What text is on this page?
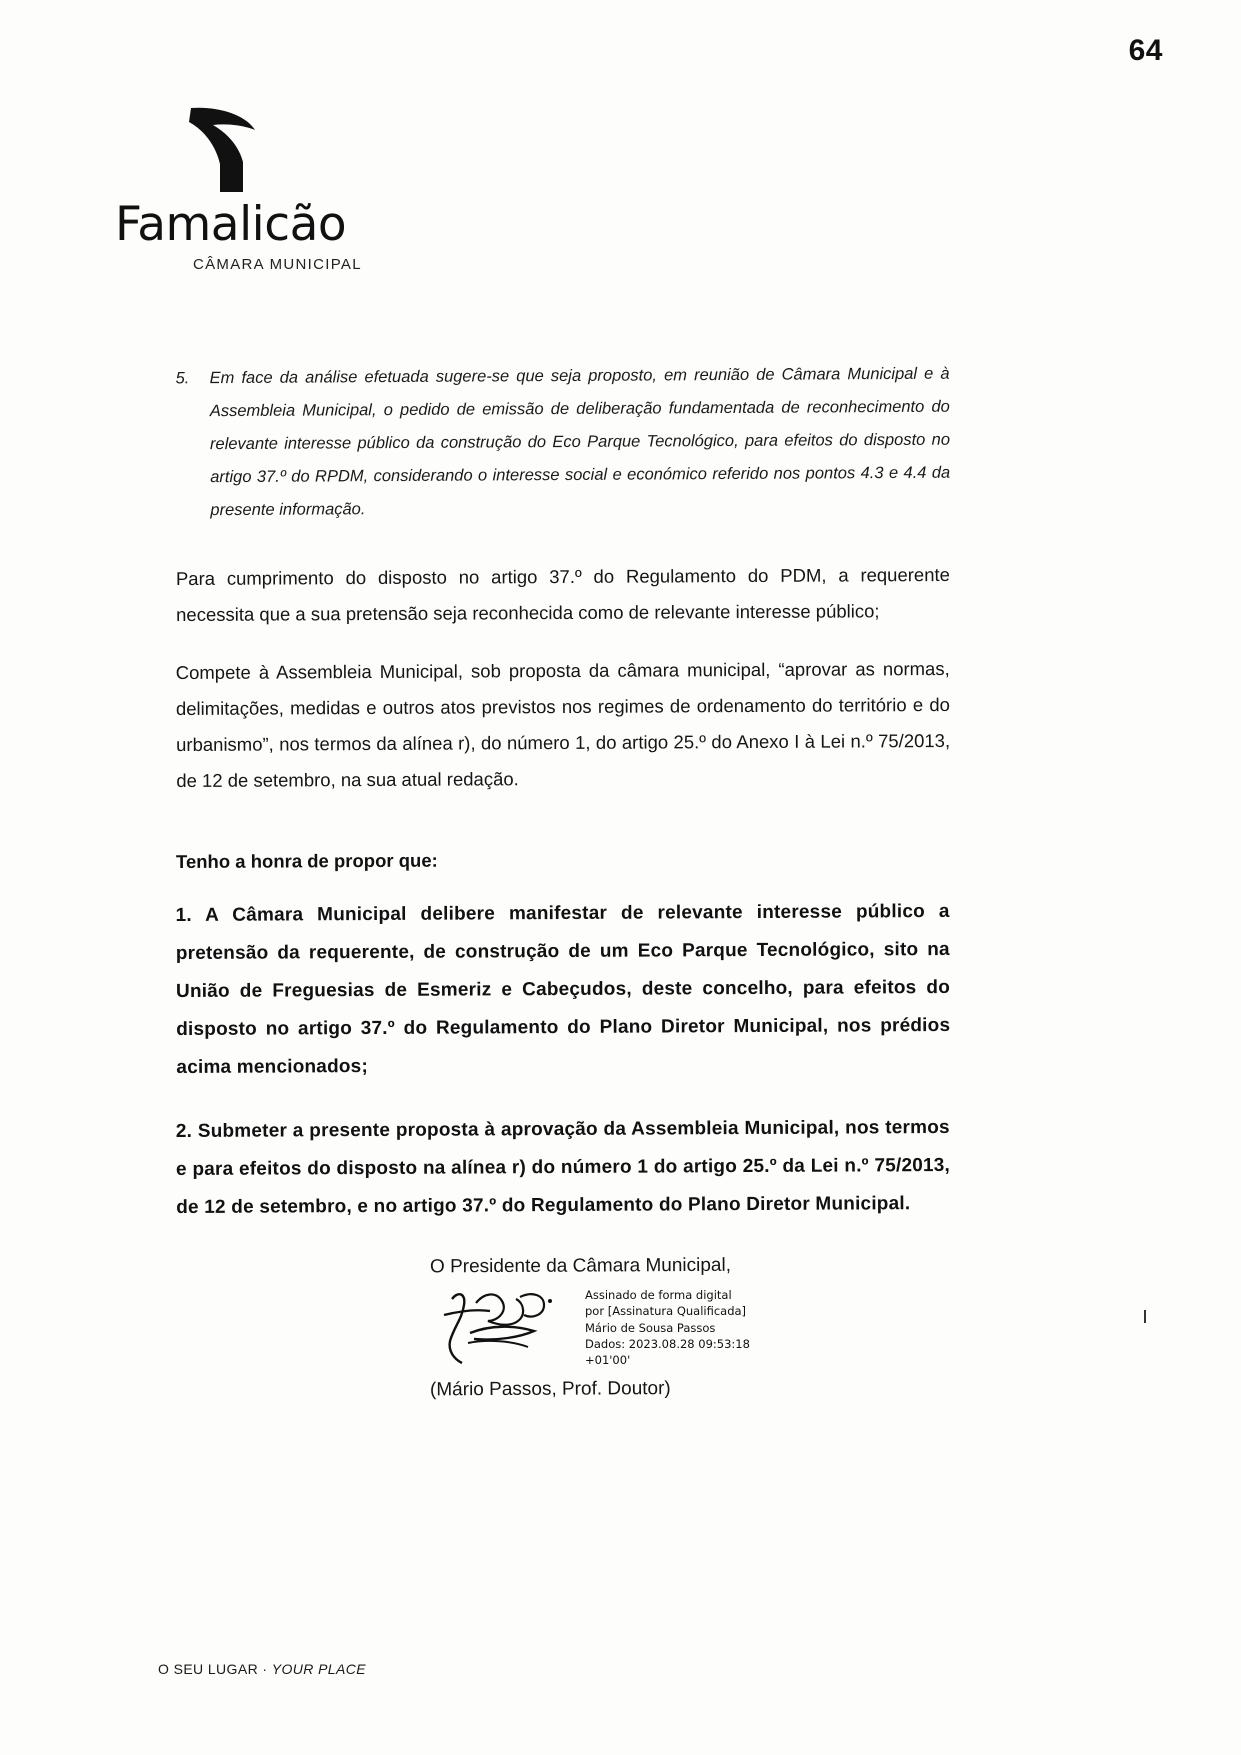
64
Famalicão
CÂMARA MUNICIPAL
5.	Em face da análise efetuada sugere-se que seja proposto, em reunião de Câmara Municipal e à Assembleia Municipal, o pedido de emissão de deliberação fundamentada de reconhecimento do relevante interesse público da construção do Eco Parque Tecnológico, para efeitos do disposto no artigo 37.º do RPDM, considerando o interesse social e económico referido nos pontos 4.3 e 4.4 da presente informação.

Para cumprimento do disposto no artigo 37.º do Regulamento do PDM, a requerente necessita que a sua pretensão seja reconhecida como de relevante interesse público;

Compete à Assembleia Municipal, sob proposta da câmara municipal, “aprovar as normas, delimitações, medidas e outros atos previstos nos regimes de ordenamento do território e do urbanismo”, nos termos da alínea r), do número 1, do artigo 25.º do Anexo I à Lei n.º 75/2013, de 12 de setembro, na sua atual redação.

Tenho a honra de propor que:

1. A Câmara Municipal delibere manifestar de relevante interesse público a pretensão da requerente, de construção de um Eco Parque Tecnológico, sito na União de Freguesias de Esmeriz e Cabeçudos, deste concelho, para efeitos do disposto no artigo 37.º do Regulamento do Plano Diretor Municipal, nos prédios acima mencionados;

2. Submeter a presente proposta à aprovação da Assembleia Municipal, nos termos e para efeitos do disposto na alínea r) do número 1 do artigo 25.º da Lei n.º 75/2013, de 12 de setembro, e no artigo 37.º do Regulamento do Plano Diretor Municipal.

O Presidente da Câmara Municipal,
Assinado de forma digital
por [Assinatura Qualificada]
Mário de Sousa Passos
Dados: 2023.08.28 09:53:18
+01'00'
(Mário Passos, Prof. Doutor)
O SEU LUGAR · YOUR PLACE
